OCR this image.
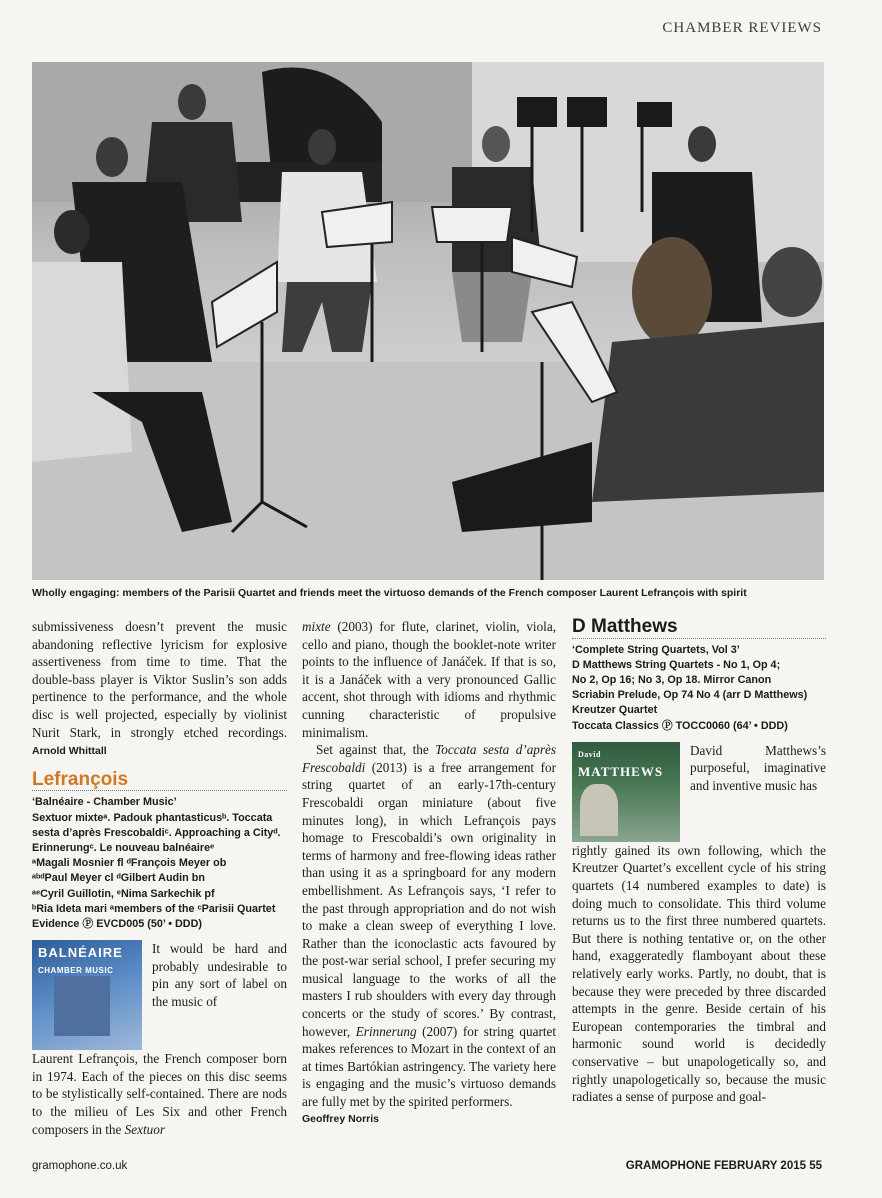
CHAMBER REVIEWS
Wholly engaging: members of the Parisii Quartet and friends meet the virtuoso demands of the French composer Laurent Lefrançois with spirit

submissiveness doesn’t prevent the music abandoning reflective lyricism for explosive assertiveness from time to time. That the double-bass player is Viktor Suslin’s son adds pertinence to the performance, and the whole disc is well projected, especially by violinist Nurit Stark, in strongly etched recordings. Arnold Whittall

Lefrançois
‘Balnéaire - Chamber Music’
Sextuor mixteᵃ. Padouk phantasticusᵇ. Toccata
sesta d’après Frescobaldiᶜ. Approaching a Cityᵈ.
Erinnerungᶜ. Le nouveau balnéaireᵉ
ᵃMagali Mosnier fl ᵈFrançois Meyer ob
ᵃᵇᵈPaul Meyer cl ᵈGilbert Audin bn
ᵃᵉCyril Guillotin, ᵉNima Sarkechik pf
ᵇRia Ideta mari ᵃmembers of the ᶜParisii Quartet
Evidence Ⓟ EVCD005 (50’ • DDD)
BALNÉAIRE
CHAMBER MUSIC

It would be hard and probably undesirable to pin any sort of label on the music of

Laurent Lefrançois, the French composer born in 1974. Each of the pieces on this disc seems to be stylistically self-contained. There are nods to the milieu of Les Six and other French composers in the Sextuor

mixte (2003) for flute, clarinet, violin, viola, cello and piano, though the booklet-note writer points to the influence of Janáček. If that is so, it is a Janáček with a very pronounced Gallic accent, shot through with idioms and rhythmic cunning characteristic of propulsive minimalism.

Set against that, the Toccata sesta d’après Frescobaldi (2013) is a free arrangement for string quartet of an early-17th-century Frescobaldi organ miniature (about five minutes long), in which Lefrançois pays homage to Frescobaldi’s own originality in terms of harmony and free-flowing ideas rather than using it as a springboard for any modern embellishment. As Lefrançois says, ‘I refer to the past through appropriation and do not wish to make a clean sweep of everything I love. Rather than the iconoclastic acts favoured by the post-war serial school, I prefer securing my musical language to the works of all the masters I rub shoulders with every day through concerts or the study of scores.’ By contrast, however, Erinnerung (2007) for string quartet makes references to Mozart in the context of an at times Bartókian astringency. The variety here is engaging and the music’s virtuoso demands are fully met by the spirited performers.

Geoffrey Norris
D Matthews
‘Complete String Quartets, Vol 3’
D Matthews String Quartets - No 1, Op 4;
No 2, Op 16; No 3, Op 18. Mirror Canon
Scriabin Prelude, Op 74 No 4 (arr D Matthews)
Kreutzer Quartet
Toccata Classics Ⓟ TOCC0060 (64’ • DDD)
David
MATTHEWS

David Matthews’s purposeful, imaginative and inventive music has

rightly gained its own following, which the Kreutzer Quartet’s excellent cycle of his string quartets (14 numbered examples to date) is doing much to consolidate. This third volume returns us to the first three numbered quartets. But there is nothing tentative or, on the other hand, exaggeratedly flamboyant about these relatively early works. Partly, no doubt, that is because they were preceded by three discarded attempts in the genre. Beside certain of his European contemporaries the timbral and harmonic sound world is decidedly conservative – but unapologetically so, and rightly unapologetically so, because the music radiates a sense of purpose and goal-

gramophone.co.uk	GRAMOPHONE FEBRUARY 2015 55
